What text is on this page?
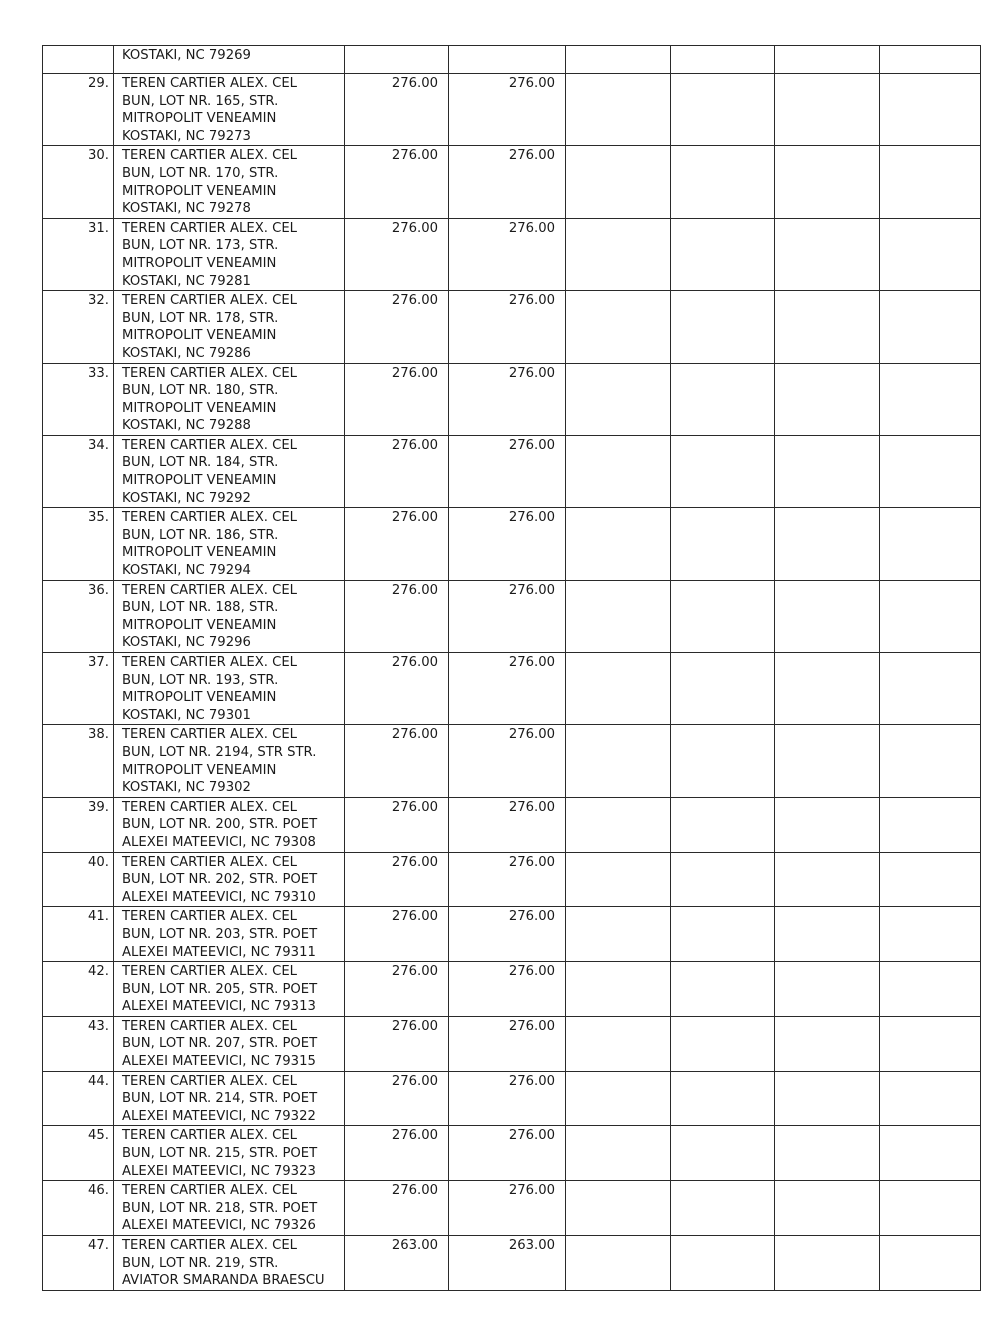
	KOSTAKI, NC 79269						

29.	TEREN CARTIER ALEX. CEL
BUN, LOT NR. 165, STR.
MITROPOLIT VENEAMIN
KOSTAKI, NC 79273	276.00	276.00				
30.	TEREN CARTIER ALEX. CEL
BUN, LOT NR. 170, STR.
MITROPOLIT VENEAMIN
KOSTAKI, NC 79278	276.00	276.00				
31.	TEREN CARTIER ALEX. CEL
BUN, LOT NR. 173, STR.
MITROPOLIT VENEAMIN
KOSTAKI, NC 79281	276.00	276.00				
32.	TEREN CARTIER ALEX. CEL
BUN, LOT NR. 178, STR.
MITROPOLIT VENEAMIN
KOSTAKI, NC 79286	276.00	276.00				
33.	TEREN CARTIER ALEX. CEL
BUN, LOT NR. 180, STR.
MITROPOLIT VENEAMIN
KOSTAKI, NC 79288	276.00	276.00				
34.	TEREN CARTIER ALEX. CEL
BUN, LOT NR. 184, STR.
MITROPOLIT VENEAMIN
KOSTAKI, NC 79292	276.00	276.00				
35.	TEREN CARTIER ALEX. CEL
BUN, LOT NR. 186, STR.
MITROPOLIT VENEAMIN
KOSTAKI, NC 79294	276.00	276.00				
36.	TEREN CARTIER ALEX. CEL
BUN, LOT NR. 188, STR.
MITROPOLIT VENEAMIN
KOSTAKI, NC 79296	276.00	276.00				
37.	TEREN CARTIER ALEX. CEL
BUN, LOT NR. 193, STR.
MITROPOLIT VENEAMIN
KOSTAKI, NC 79301	276.00	276.00				
38.	TEREN CARTIER ALEX. CEL
BUN, LOT NR. 2194, STR STR.
MITROPOLIT VENEAMIN
KOSTAKI, NC 79302	276.00	276.00				
39.	TEREN CARTIER ALEX. CEL
BUN, LOT NR. 200, STR. POET
ALEXEI MATEEVICI, NC 79308	276.00	276.00				
40.	TEREN CARTIER ALEX. CEL
BUN, LOT NR. 202, STR. POET
ALEXEI MATEEVICI, NC 79310	276.00	276.00				
41.	TEREN CARTIER ALEX. CEL
BUN, LOT NR. 203, STR. POET
ALEXEI MATEEVICI, NC 79311	276.00	276.00				
42.	TEREN CARTIER ALEX. CEL
BUN, LOT NR. 205, STR. POET
ALEXEI MATEEVICI, NC 79313	276.00	276.00				
43.	TEREN CARTIER ALEX. CEL
BUN, LOT NR. 207, STR. POET
ALEXEI MATEEVICI, NC 79315	276.00	276.00				
44.	TEREN CARTIER ALEX. CEL
BUN, LOT NR. 214, STR. POET
ALEXEI MATEEVICI, NC 79322	276.00	276.00				
45.	TEREN CARTIER ALEX. CEL
BUN, LOT NR. 215, STR. POET
ALEXEI MATEEVICI, NC 79323	276.00	276.00				
46.	TEREN CARTIER ALEX. CEL
BUN, LOT NR. 218, STR. POET
ALEXEI MATEEVICI, NC 79326	276.00	276.00				
47.	TEREN CARTIER ALEX. CEL
BUN, LOT NR. 219, STR.
AVIATOR SMARANDA BRAESCU	263.00	263.00				
